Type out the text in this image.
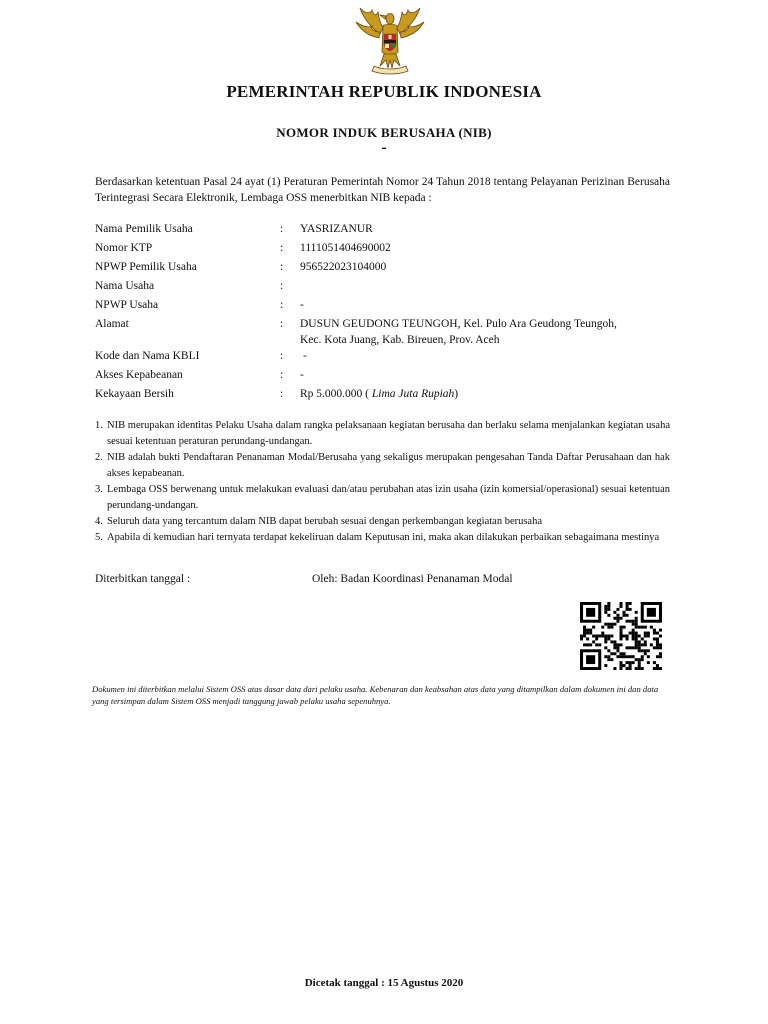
PEMERINTAH REPUBLIK INDONESIA
NOMOR INDUK BERUSAHA (NIB)
-
Berdasarkan ketentuan Pasal 24 ayat (1) Peraturan Pemerintah Nomor 24 Tahun 2018 tentang Pelayanan Perizinan Berusaha Terintegrasi Secara Elektronik, Lembaga OSS menerbitkan NIB kepada :
Nama Pemilik Usaha	: YASRIZANUR
Nomor KTP	: 1111051404690002
NPWP Pemilik Usaha	: 956522023104000
Nama Usaha	:
NPWP Usaha	: -
Alamat	: DUSUN GEUDONG TEUNGOH, Kel. Pulo Ara Geudong Teungoh,
Kec. Kota Juang, Kab. Bireuen, Prov. Aceh
Kode dan Nama KBLI	: -
Akses Kepabeanan	: -
Kekayaan Bersih	: Rp 5.000.000 ( Lima Juta Rupiah)
1. NIB merupakan identitas Pelaku Usaha dalam rangka pelaksanaan kegiatan berusaha dan berlaku selama menjalankan kegiatan usaha sesuai ketentuan peraturan perundang-undangan.
2. NIB adalah bukti Pendaftaran Penanaman Modal/Berusaha yang sekaligus merupakan pengesahan Tanda Daftar Perusahaan dan hak akses kepabeanan.
3. Lembaga OSS berwenang untuk melakukan evaluasi dan/atau perubahan atas izin usaha (izin komersial/operasional) sesuai ketentuan perundang-undangan.
4. Seluruh data yang tercantum dalam NIB dapat berubah sesuai dengan perkembangan kegiatan berusaha
5. Apabila di kemudian hari ternyata terdapat kekeliruan dalam Keputusan ini, maka akan dilakukan perbaikan sebagaimana mestinya
Diterbitkan tanggal :	Oleh: Badan Koordinasi Penanaman Modal
Dokumen ini diterbitkan melalui Sistem OSS atas dasar data dari pelaku usaha. Kebenaran dan keabsahan atas data yang ditampilkan dalam dokumen ini dan data yang tersimpan dalam Sistem OSS menjadi tanggung jawab pelaku usaha sepenuhnya.
Dicetak tanggal : 15 Agustus 2020
